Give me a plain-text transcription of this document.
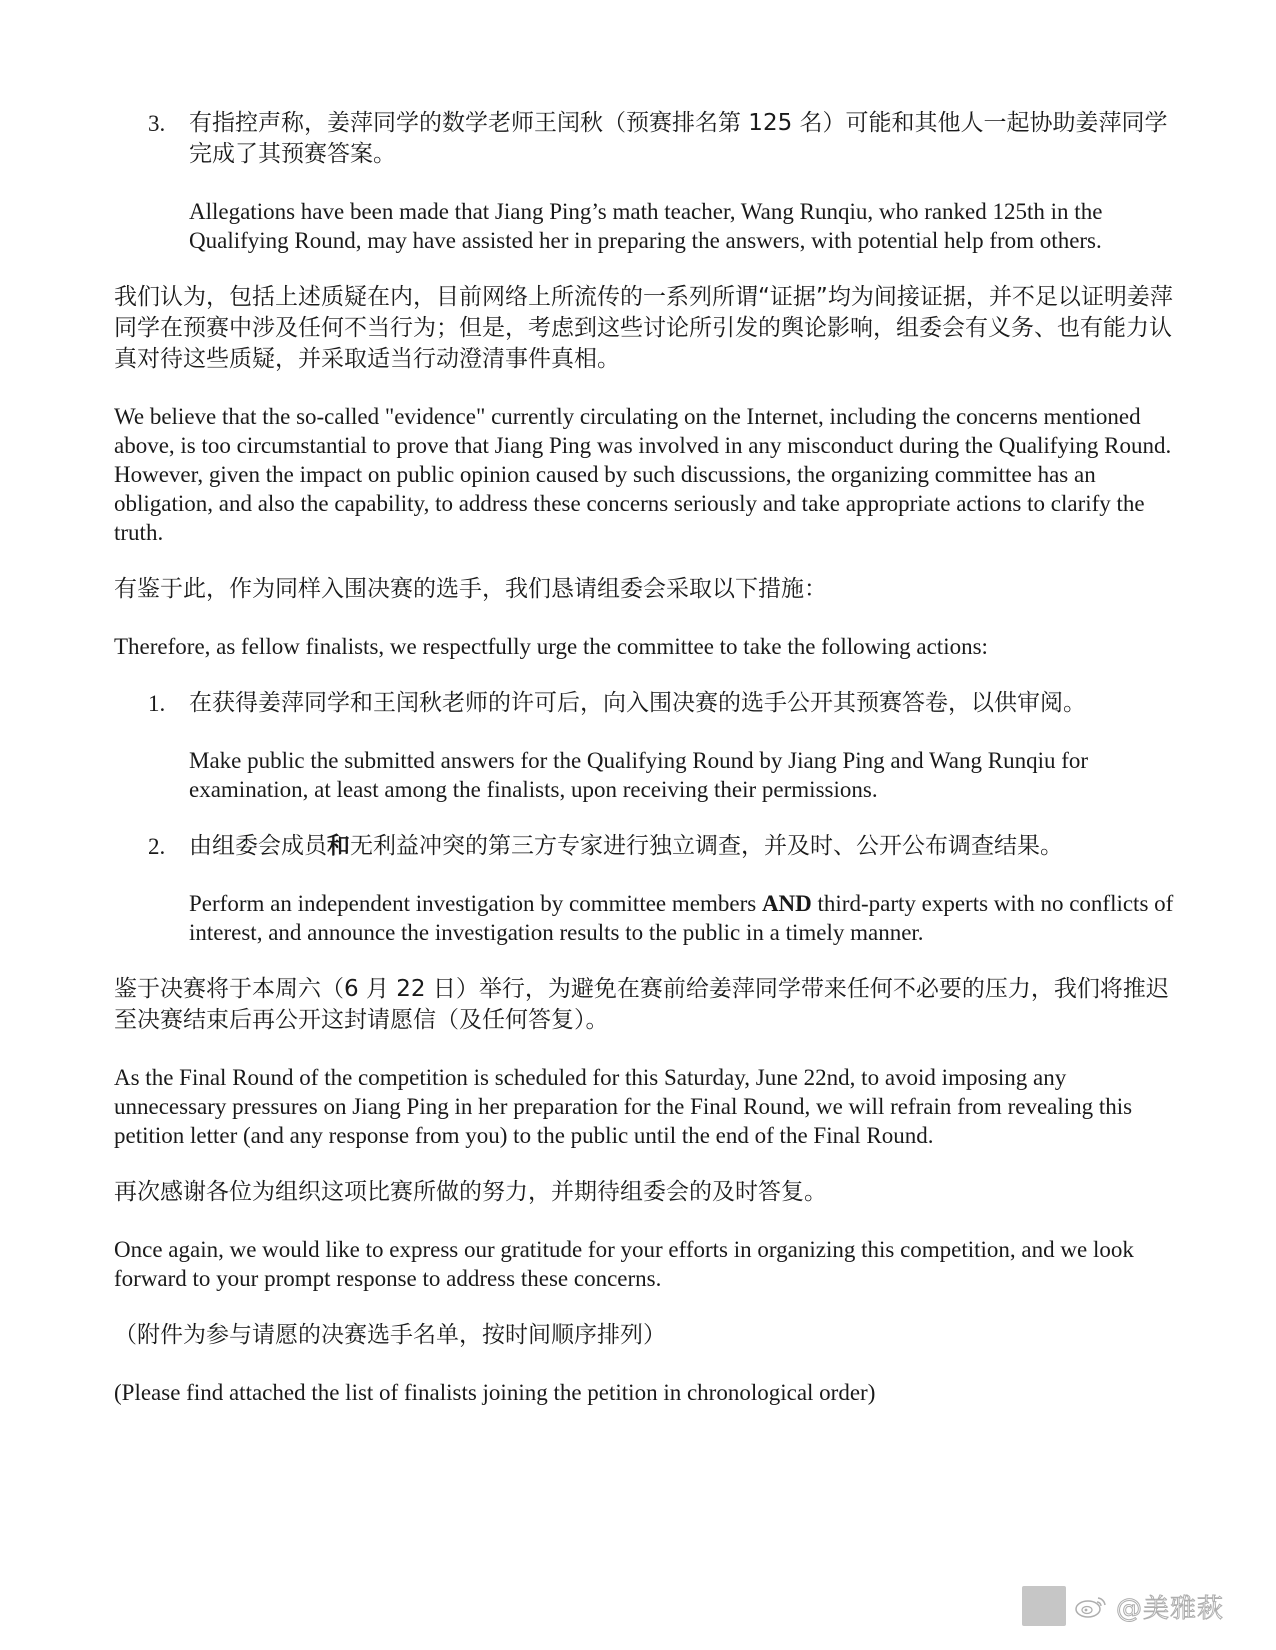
3. 有指控声称，姜萍同学的数学老师王闰秋（预赛排名第 125 名）可能和其他人一起协助姜萍同学完成了其预赛答案。

Allegations have been made that Jiang Ping’s math teacher, Wang Runqiu, who ranked 125th in the Qualifying Round, may have assisted her in preparing the answers, with potential help from others.

我们认为，包括上述质疑在内，目前网络上所流传的一系列所谓“证据”均为间接证据，并不足以证明姜萍同学在预赛中涉及任何不当行为；但是，考虑到这些讨论所引发的舆论影响，组委会有义务、也有能力认真对待这些质疑，并采取适当行动澄清事件真相。

We believe that the so-called "evidence" currently circulating on the Internet, including the concerns mentioned above, is too circumstantial to prove that Jiang Ping was involved in any misconduct during the Qualifying Round. However, given the impact on public opinion caused by such discussions, the organizing committee has an obligation, and also the capability, to address these concerns seriously and take appropriate actions to clarify the truth.

有鉴于此，作为同样入围决赛的选手，我们恳请组委会采取以下措施：

Therefore, as fellow finalists, we respectfully urge the committee to take the following actions:

1. 在获得姜萍同学和王闰秋老师的许可后，向入围决赛的选手公开其预赛答卷，以供审阅。

Make public the submitted answers for the Qualifying Round by Jiang Ping and Wang Runqiu for examination, at least among the finalists, upon receiving their permissions.

2. 由组委会成员和无利益冲突的第三方专家进行独立调查，并及时、公开公布调查结果。

Perform an independent investigation by committee members AND third-party experts with no conflicts of interest, and announce the investigation results to the public in a timely manner.

鉴于决赛将于本周六（6 月 22 日）举行，为避免在赛前给姜萍同学带来任何不必要的压力，我们将推迟至决赛结束后再公开这封请愿信（及任何答复）。

As the Final Round of the competition is scheduled for this Saturday, June 22nd, to avoid imposing any unnecessary pressures on Jiang Ping in her preparation for the Final Round, we will refrain from revealing this petition letter (and any response from you) to the public until the end of the Final Round.

再次感谢各位为组织这项比赛所做的努力，并期待组委会的及时答复。

Once again, we would like to express our gratitude for your efforts in organizing this competition, and we look forward to your prompt response to address these concerns.

（附件为参与请愿的决赛选手名单，按时间顺序排列）

(Please find attached the list of finalists joining the petition in chronological order)

@美雅萩
